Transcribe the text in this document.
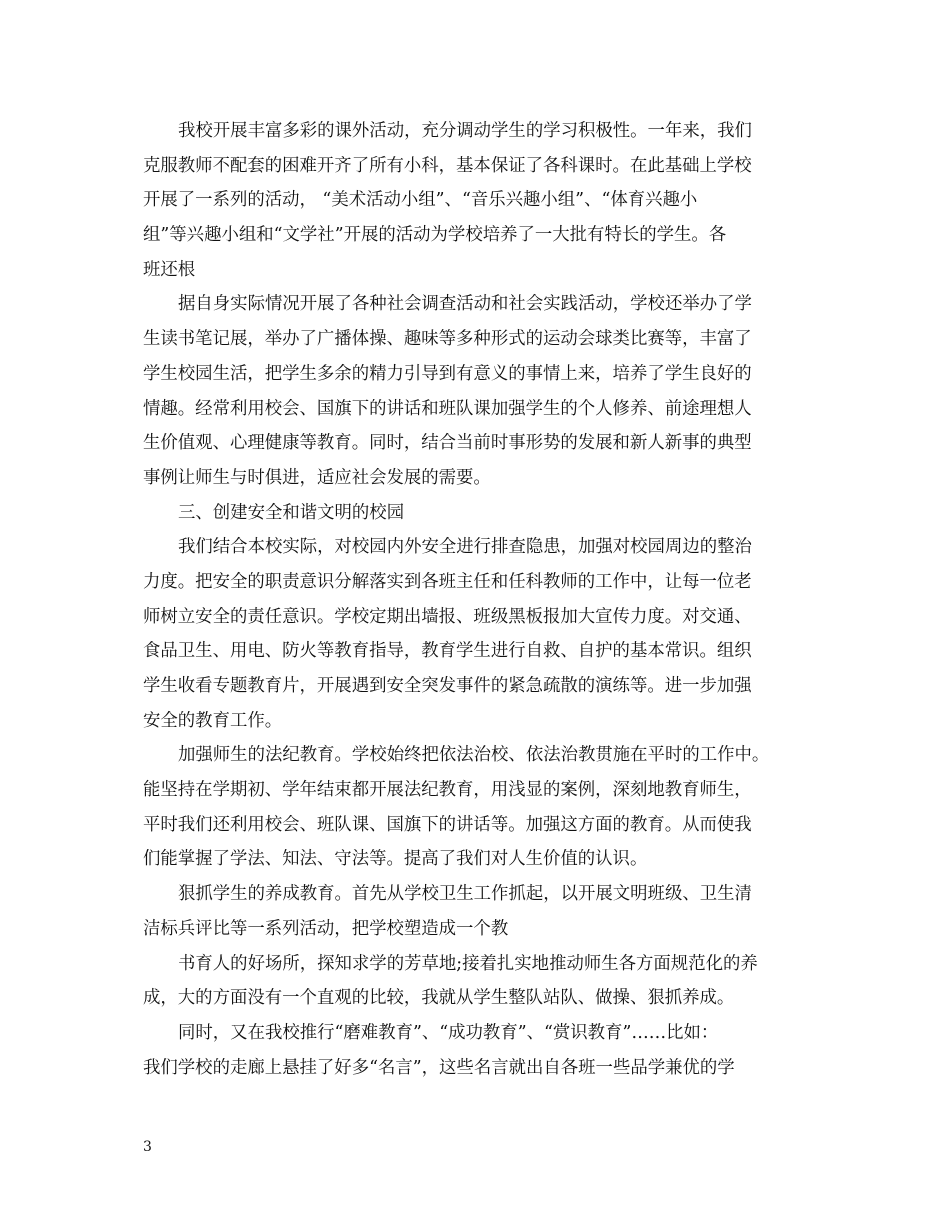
我校开展丰富多彩的课外活动，充分调动学生的学习积极性。一年来，我们
克服教师不配套的困难开齐了所有小科，基本保证了各科课时。在此基础上学校
开展了一系列的活动， “美术活动小组”、“音乐兴趣小组”、“体育兴趣小
组”等兴趣小组和“文学社”开展的活动为学校培养了一大批有特长的学生。各
班还根
据自身实际情况开展了各种社会调查活动和社会实践活动，学校还举办了学
生读书笔记展，举办了广播体操、趣味等多种形式的运动会球类比赛等，丰富了
学生校园生活，把学生多余的精力引导到有意义的事情上来，培养了学生良好的
情趣。经常利用校会、国旗下的讲话和班队课加强学生的个人修养、前途理想人
生价值观、心理健康等教育。同时，结合当前时事形势的发展和新人新事的典型
事例让师生与时俱进，适应社会发展的需要。
三、创建安全和谐文明的校园
我们结合本校实际，对校园内外安全进行排查隐患，加强对校园周边的整治
力度。把安全的职责意识分解落实到各班主任和任科教师的工作中，让每一位老
师树立安全的责任意识。学校定期出墙报、班级黑板报加大宣传力度。对交通、
食品卫生、用电、防火等教育指导，教育学生进行自救、自护的基本常识。组织
学生收看专题教育片，开展遇到安全突发事件的紧急疏散的演练等。进一步加强
安全的教育工作。
加强师生的法纪教育。学校始终把依法治校、依法治教贯施在平时的工作中。
能坚持在学期初、学年结束都开展法纪教育，用浅显的案例，深刻地教育师生，
平时我们还利用校会、班队课、国旗下的讲话等。加强这方面的教育。从而使我
们能掌握了学法、知法、守法等。提高了我们对人生价值的认识。
狠抓学生的养成教育。首先从学校卫生工作抓起，以开展文明班级、卫生清
洁标兵评比等一系列活动，把学校塑造成一个教
书育人的好场所，探知求学的芳草地;接着扎实地推动师生各方面规范化的养
成，大的方面没有一个直观的比较，我就从学生整队站队、做操、狠抓养成。
同时，又在我校推行“磨难教育”、“成功教育”、“赏识教育”……比如：
我们学校的走廊上悬挂了好多“名言”，这些名言就出自各班一些品学兼优的学
3
